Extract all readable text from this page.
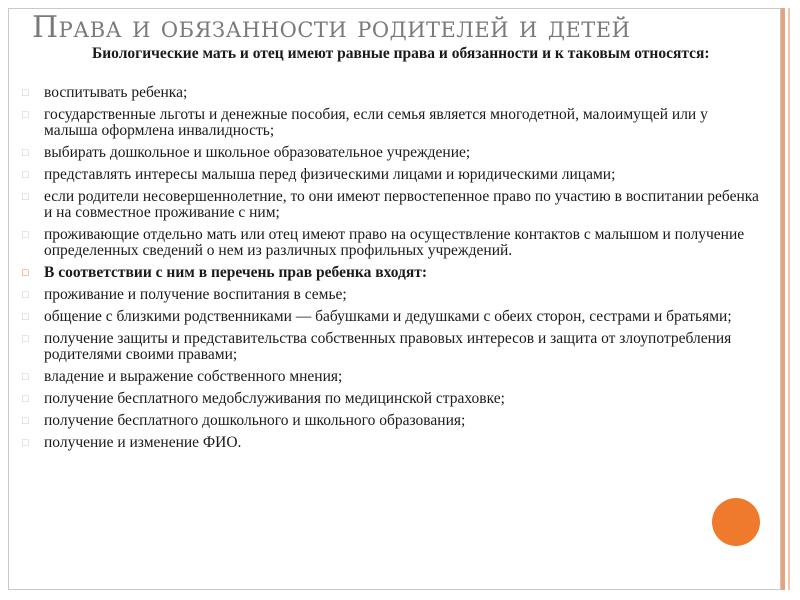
Права и обязанности родителей и детей

Биологические мать и отец имеют равные права и обязанности и к таковым относятся:

□ воспитывать ребенка;
□ государственные льготы и денежные пособия, если семья является многодетной, малоимущей или у малыша оформлена инвалидность;
□ выбирать дошкольное и школьное образовательное учреждение;
□ представлять интересы малыша перед физическими лицами и юридическими лицами;
□ если родители несовершеннолетние, то они имеют первостепенное право по участию в воспитании ребенка и на совместное проживание с ним;
□ проживающие отдельно мать или отец имеют право на осуществление контактов с малышом и получение определенных сведений о нем из различных профильных учреждений.
□ В соответствии с ним в перечень прав ребенка входят:
□ проживание и получение воспитания в семье;
□ общение с близкими родственниками — бабушками и дедушками с обеих сторон, сестрами и братьями;
□ получение защиты и представительства собственных правовых интересов и защита от злоупотребления родителями своими правами;
□ владение и выражение собственного мнения;
□ получение бесплатного медобслуживания по медицинской страховке;
□ получение бесплатного дошкольного и школьного образования;
□ получение и изменение ФИО.
